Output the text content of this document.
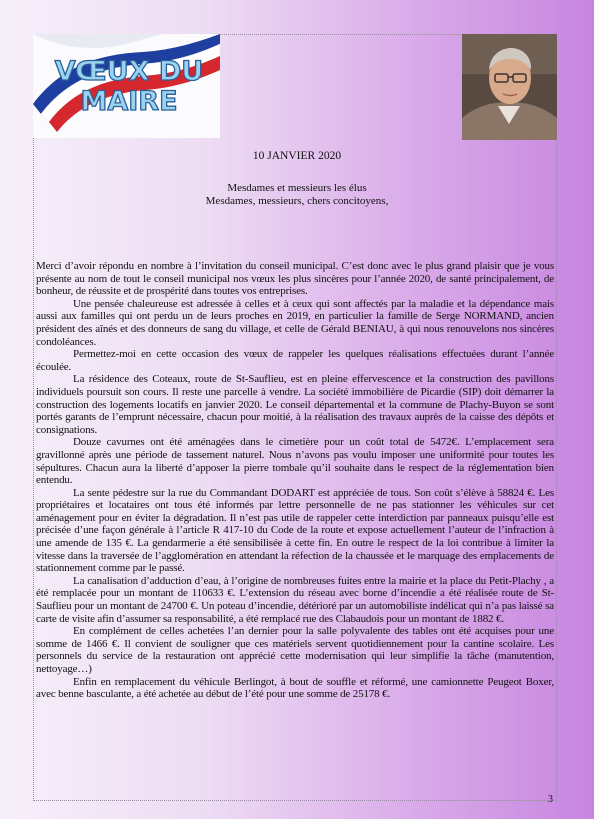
VŒUX DU
MAIRE
10 JANVIER 2020
Mesdames et messieurs les élus
Mesdames, messieurs, chers concitoyens,

Merci d’avoir répondu en nombre à l’invitation du conseil municipal. C’est donc avec le plus grand plaisir que je vous présente au nom de tout le conseil municipal nos vœux les plus sincères pour l’année 2020, de santé principalement, de bonheur, de réussite et de prospérité dans toutes vos entreprises.

Une pensée chaleureuse est adressée à celles et à ceux qui sont affectés par la maladie et la dépendance mais aussi aux familles qui ont perdu un de leurs proches en 2019, en particulier la famille de Serge NORMAND, ancien président des aînés et des donneurs de sang du village, et celle de Gérald BENIAU, à qui nous renouvelons nos sincères condoléances.

Permettez-moi en cette occasion des vœux de rappeler les quelques réalisations effectuées durant l’année écoulée.

La résidence des Coteaux, route de St-Sauflieu, est en pleine effervescence et la construction des pavillons individuels poursuit son cours. Il reste une parcelle à vendre. La société immobilière de Picardie (SIP) doit démarrer la construction des logements locatifs en janvier 2020. Le conseil départemental et la commune de Plachy-Buyon se sont portés garants de l’emprunt nécessaire, chacun pour moitié, à la réalisation des travaux auprès de la caisse des dépôts et consignations.

Douze cavurnes ont été aménagées dans le cimetière pour un coût total de 5472€. L’emplacement sera gravillonné après une période de tassement naturel. Nous n’avons pas voulu imposer une uniformité pour toutes les sépultures. Chacun aura la liberté d’apposer la pierre tombale qu’il souhaite dans le respect de la réglementation bien entendu.

La sente pédestre sur la rue du Commandant DODART est appréciée de tous. Son coût s’élève à 58824 €. Les propriétaires et locataires ont tous été informés par lettre personnelle de ne pas stationner les véhicules sur cet aménagement pour en éviter la dégradation. Il n’est pas utile de rappeler cette interdiction par panneaux puisqu’elle est précisée d’une façon générale à l’article R 417-10 du Code de la route et expose actuellement l’auteur de l’infraction à une amende de 135 €. La gendarmerie a été sensibilisée à cette fin. En outre le respect de la loi contribue à limiter la vitesse dans la traversée de l’agglomération en attendant la réfection de la chaussée et le marquage des emplacements de stationnement comme par le passé.

La canalisation d’adduction d’eau, à l’origine de nombreuses fuites entre la mairie et la place du Petit-Plachy , a été remplacée pour un montant de 110633 €. L’extension du réseau avec borne d’incendie a été réalisée route de St-Sauflieu pour un montant de 24700 €. Un poteau d’incendie, détérioré par un automobiliste indélicat qui n’a pas laissé sa carte de visite afin d’assumer sa responsabilité, a été remplacé rue des Clabaudois pour un montant de 1882 €.

En complément de celles achetées l’an dernier pour la salle polyvalente des tables ont été acquises pour une somme de 1466 €. Il convient de souligner que ces matériels servent quotidiennement pour la cantine scolaire. Les personnels du service de la restauration ont apprécié cette modernisation qui leur simplifie la tâche (manutention, nettoyage…)

Enfin en remplacement du véhicule Berlingot, à bout de souffle et réformé, une camionnette Peugeot Boxer, avec benne basculante, a été achetée au début de l’été pour une somme de 25178 €.

3
